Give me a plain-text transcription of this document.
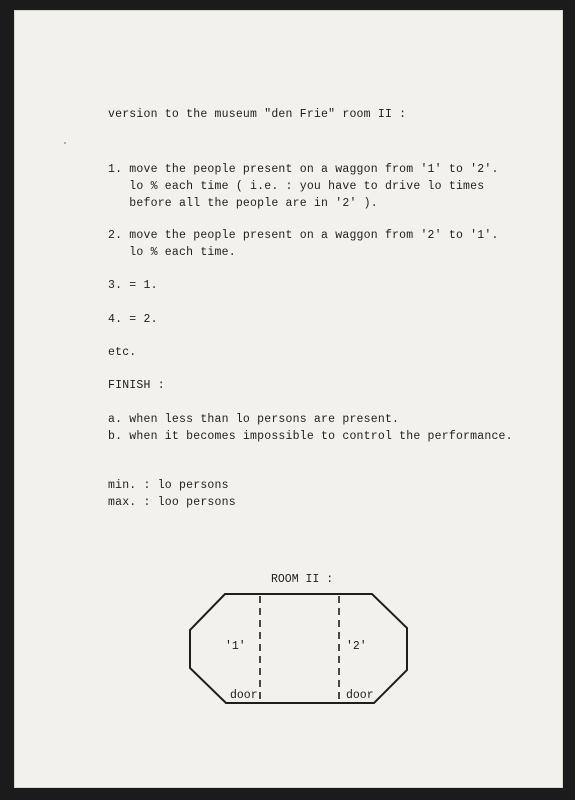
version to the museum "den Frie" room II :
1. move the people present on a waggon from '1' to '2'.
lo % each time ( i.e. : you have to drive lo times
before all the people are in '2' ).
2. move the people present on a waggon from '2' to '1'.
lo % each time.
3. = 1.
4. = 2.
etc.
FINISH :
a. when less than lo persons are present.
b. when it becomes impossible to control the performance.
min. : lo persons
max. : loo persons
ROOM II :
'1'	'2'
door	door
